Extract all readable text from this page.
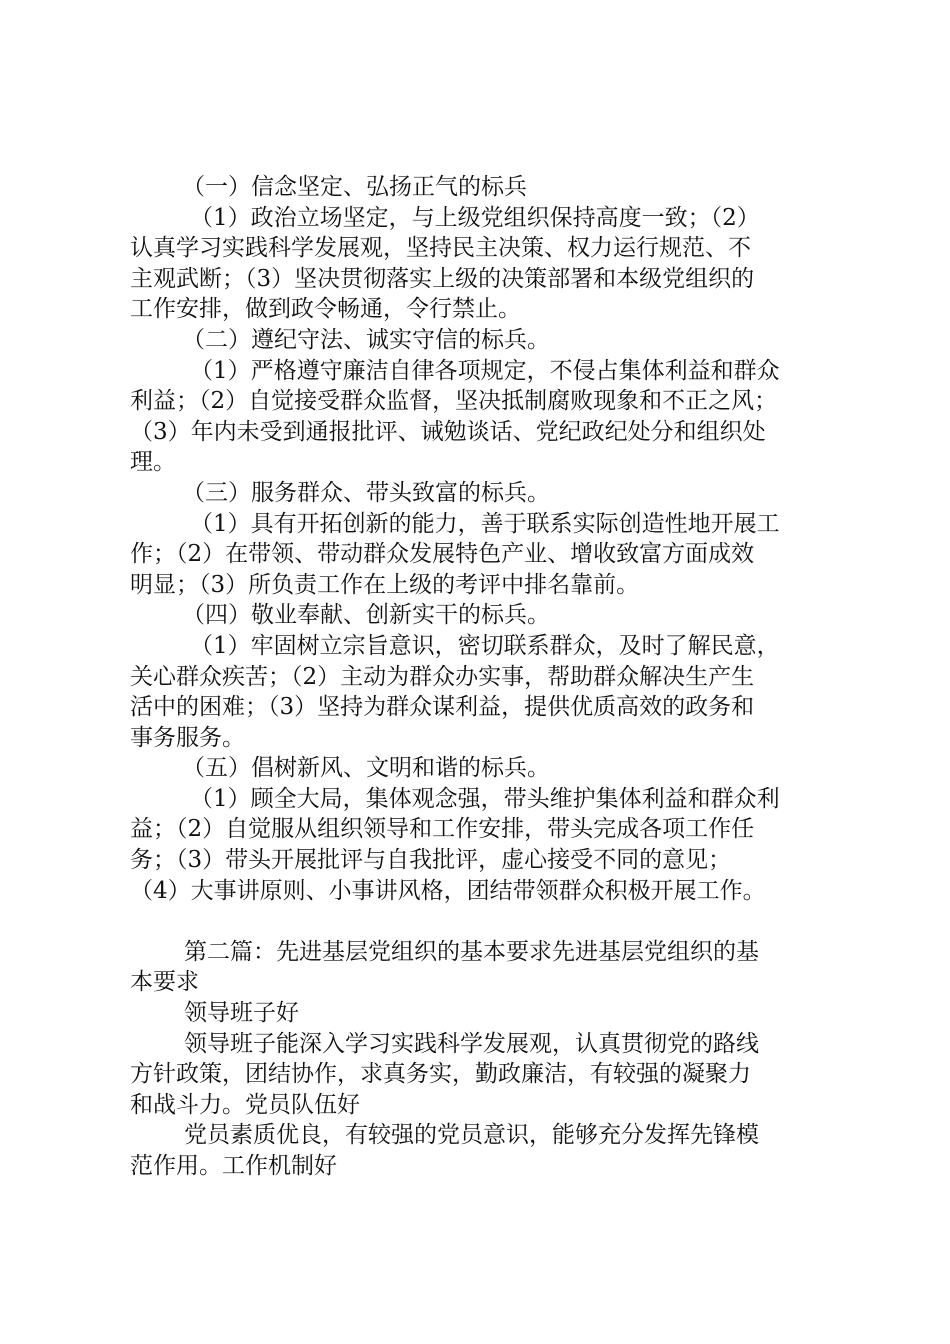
（一）信念坚定、弘扬正气的标兵
（1）政治立场坚定，与上级党组织保持高度一致；（2）
认真学习实践科学发展观，坚持民主决策、权力运行规范、不
主观武断；（3）坚决贯彻落实上级的决策部署和本级党组织的
工作安排，做到政令畅通，令行禁止。
（二）遵纪守法、诚实守信的标兵。
（1）严格遵守廉洁自律各项规定，不侵占集体利益和群众
利益；（2）自觉接受群众监督，坚决抵制腐败现象和不正之风；
（3）年内未受到通报批评、诫勉谈话、党纪政纪处分和组织处
理。
（三）服务群众、带头致富的标兵。
（1）具有开拓创新的能力，善于联系实际创造性地开展工
作；（2）在带领、带动群众发展特色产业、增收致富方面成效
明显；（3）所负责工作在上级的考评中排名靠前。
（四）敬业奉献、创新实干的标兵。
（1）牢固树立宗旨意识，密切联系群众，及时了解民意，
关心群众疾苦；（2）主动为群众办实事，帮助群众解决生产生
活中的困难；（3）坚持为群众谋利益，提供优质高效的政务和
事务服务。
（五）倡树新风、文明和谐的标兵。
（1）顾全大局，集体观念强，带头维护集体利益和群众利
益；（2）自觉服从组织领导和工作安排，带头完成各项工作任
务；（3）带头开展批评与自我批评，虚心接受不同的意见；
（4）大事讲原则、小事讲风格，团结带领群众积极开展工作。
第二篇：先进基层党组织的基本要求先进基层党组织的基
本要求
领导班子好
领导班子能深入学习实践科学发展观，认真贯彻党的路线
方针政策，团结协作，求真务实，勤政廉洁，有较强的凝聚力
和战斗力。党员队伍好
党员素质优良，有较强的党员意识，能够充分发挥先锋模
范作用。工作机制好
